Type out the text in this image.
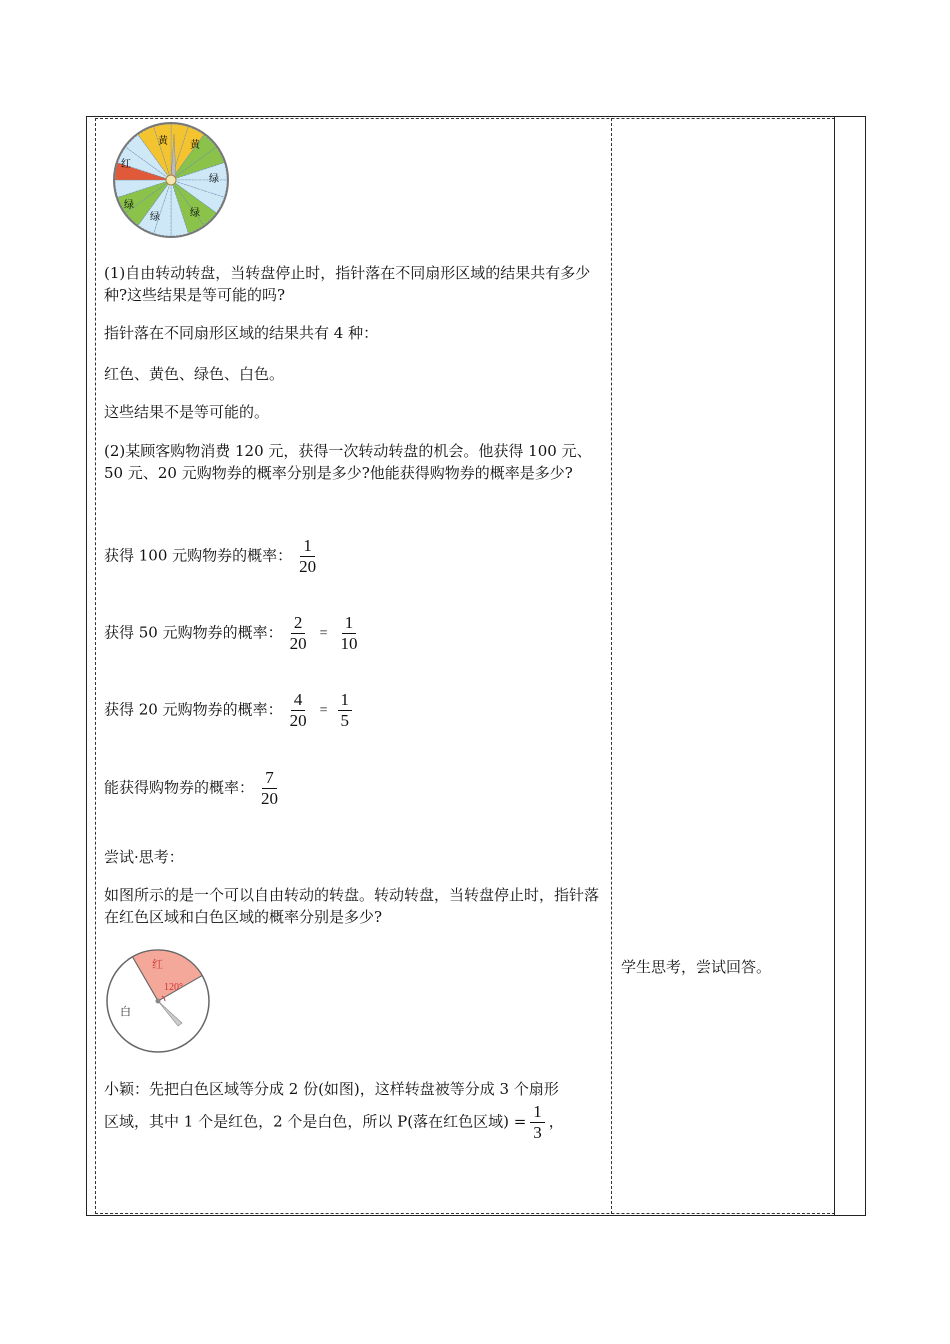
黄 黄
红
绿
绿
绿	绿

(1)自由转动转盘，当转盘停止时，指针落在不同扇形区域的结果共有多少种?这些结果是等可能的吗?

指针落在不同扇形区域的结果共有 4 种：

红色、黄色、绿色、白色。

这些结果不是等可能的。

(2)某顾客购物消费 120 元，获得一次转动转盘的机会。他获得 100 元、50 元、20 元购物券的概率分别是多少?他能获得购物券的概率是多少?

获得 100 元购物券的概率： $\frac{1}{20}$
获得 50 元购物券的概率： $\frac{2}{20} = \frac{1}{10}$
获得 20 元购物券的概率： $\frac{4}{20} = \frac{1}{5}$
能获得购物券的概率： $\frac{7}{20}$

尝试·思考：

如图所示的是一个可以自由转动的转盘。转动转盘，当转盘停止时，指针落在红色区域和白色区域的概率分别是多少?

红
120°
白

小颖：先把白色区域等分成 2 份(如图)，这样转盘被等分成 3 个扇形

区域，其中 1 个是红色，2 个是白色，所以 P(落在红色区域) = $\frac{1}{3}$ ，
学生思考，尝试回答。
